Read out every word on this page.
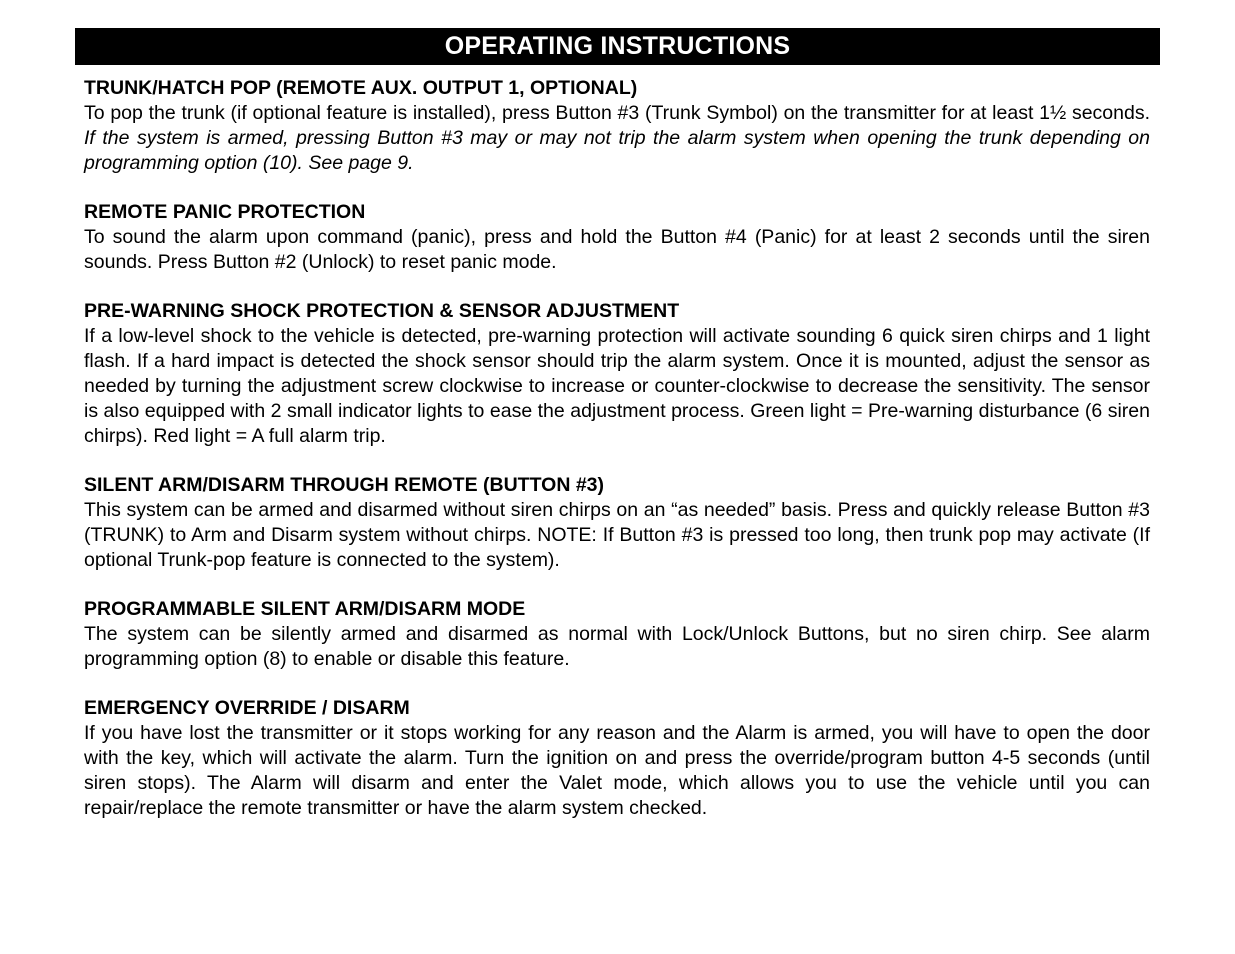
OPERATING INSTRUCTIONS

TRUNK/HATCH POP (REMOTE AUX. OUTPUT 1, OPTIONAL)

To pop the trunk (if optional feature is installed), press Button #3 (Trunk Symbol) on the transmitter for at least 1½ seconds. If the system is armed, pressing Button #3 may or may not trip the alarm system when opening the trunk depending on programming option (10). See page 9.

REMOTE PANIC PROTECTION

To sound the alarm upon command (panic), press and hold the Button #4 (Panic) for at least 2 seconds until the siren sounds. Press Button #2 (Unlock) to reset panic mode.

PRE-WARNING SHOCK PROTECTION & SENSOR ADJUSTMENT

If a low-level shock to the vehicle is detected, pre-warning protection will activate sounding 6 quick siren chirps and 1 light flash. If a hard impact is detected the shock sensor should trip the alarm system. Once it is mounted, adjust the sensor as needed by turning the adjustment screw clockwise to increase or counter-clockwise to decrease the sensitivity. The sensor is also equipped with 2 small indicator lights to ease the adjustment process. Green light = Pre-warning disturbance (6 siren chirps). Red light = A full alarm trip.

SILENT ARM/DISARM THROUGH REMOTE (BUTTON #3)

This system can be armed and disarmed without siren chirps on an “as needed” basis. Press and quickly release Button #3 (TRUNK) to Arm and Disarm system without chirps. NOTE: If Button #3 is pressed too long, then trunk pop may activate (If optional Trunk-pop feature is connected to the system).

PROGRAMMABLE SILENT ARM/DISARM MODE

The system can be silently armed and disarmed as normal with Lock/Unlock Buttons, but no siren chirp. See alarm programming option (8) to enable or disable this feature.

EMERGENCY OVERRIDE / DISARM

If you have lost the transmitter or it stops working for any reason and the Alarm is armed, you will have to open the door with the key, which will activate the alarm. Turn the ignition on and press the override/program button 4-5 seconds (until siren stops). The Alarm will disarm and enter the Valet mode, which allows you to use the vehicle until you can repair/replace the remote transmitter or have the alarm system checked.
